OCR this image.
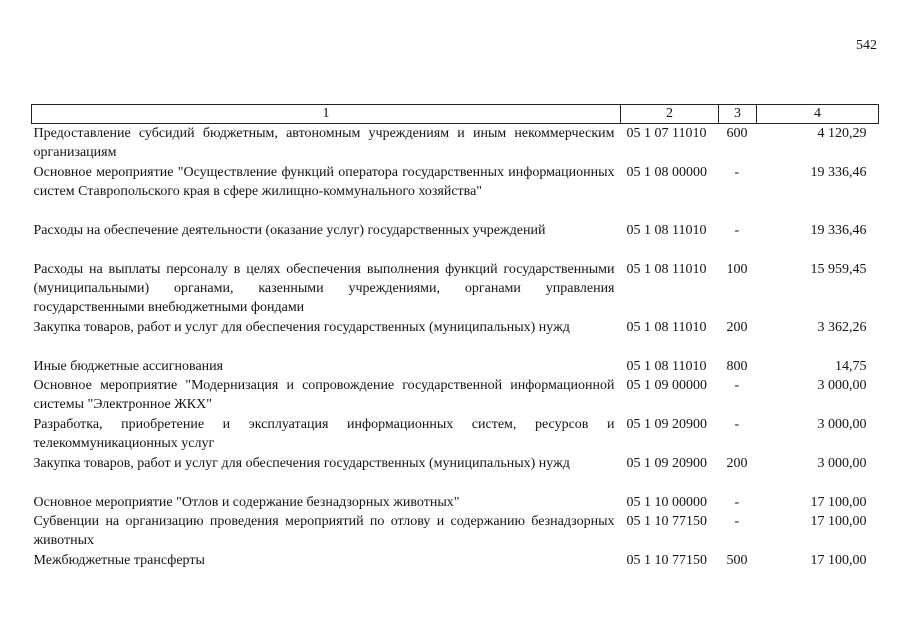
542
1	2	3	4
Предоставление субсидий бюджетным, автономным учреждениям и иным некоммерческим организациям	05 1 07 11010	600	4 120,29
Основное мероприятие "Осуществление функций оператора государственных информационных систем Ставропольского края в сфере жилищно-коммунального хозяйства"	05 1 08 00000	-	19 336,46
Расходы на обеспечение деятельности (оказание услуг) государственных учреждений	05 1 08 11010	-	19 336,46
Расходы на выплаты персоналу в целях обеспечения выполнения функций государственными (муниципальными) органами, казенными учреждениями, органами управления государственными внебюджетными фондами	05 1 08 11010	100	15 959,45
Закупка товаров, работ и услуг для обеспечения государственных (муниципальных) нужд	05 1 08 11010	200	3 362,26
Иные бюджетные ассигнования	05 1 08 11010	800	14,75
Основное мероприятие "Модернизация и сопровождение государственной информационной системы "Электронное ЖКХ"	05 1 09 00000	-	3 000,00
Разработка, приобретение и эксплуатация информационных систем, ресурсов и телекоммуникационных услуг	05 1 09 20900	-	3 000,00
Закупка товаров, работ и услуг для обеспечения государственных (муниципальных) нужд	05 1 09 20900	200	3 000,00
Основное мероприятие "Отлов и содержание безнадзорных животных"	05 1 10 00000	-	17 100,00
Субвенции на организацию проведения мероприятий по отлову и содержанию безнадзорных животных	05 1 10 77150	-	17 100,00
Межбюджетные трансферты	05 1 10 77150	500	17 100,00
